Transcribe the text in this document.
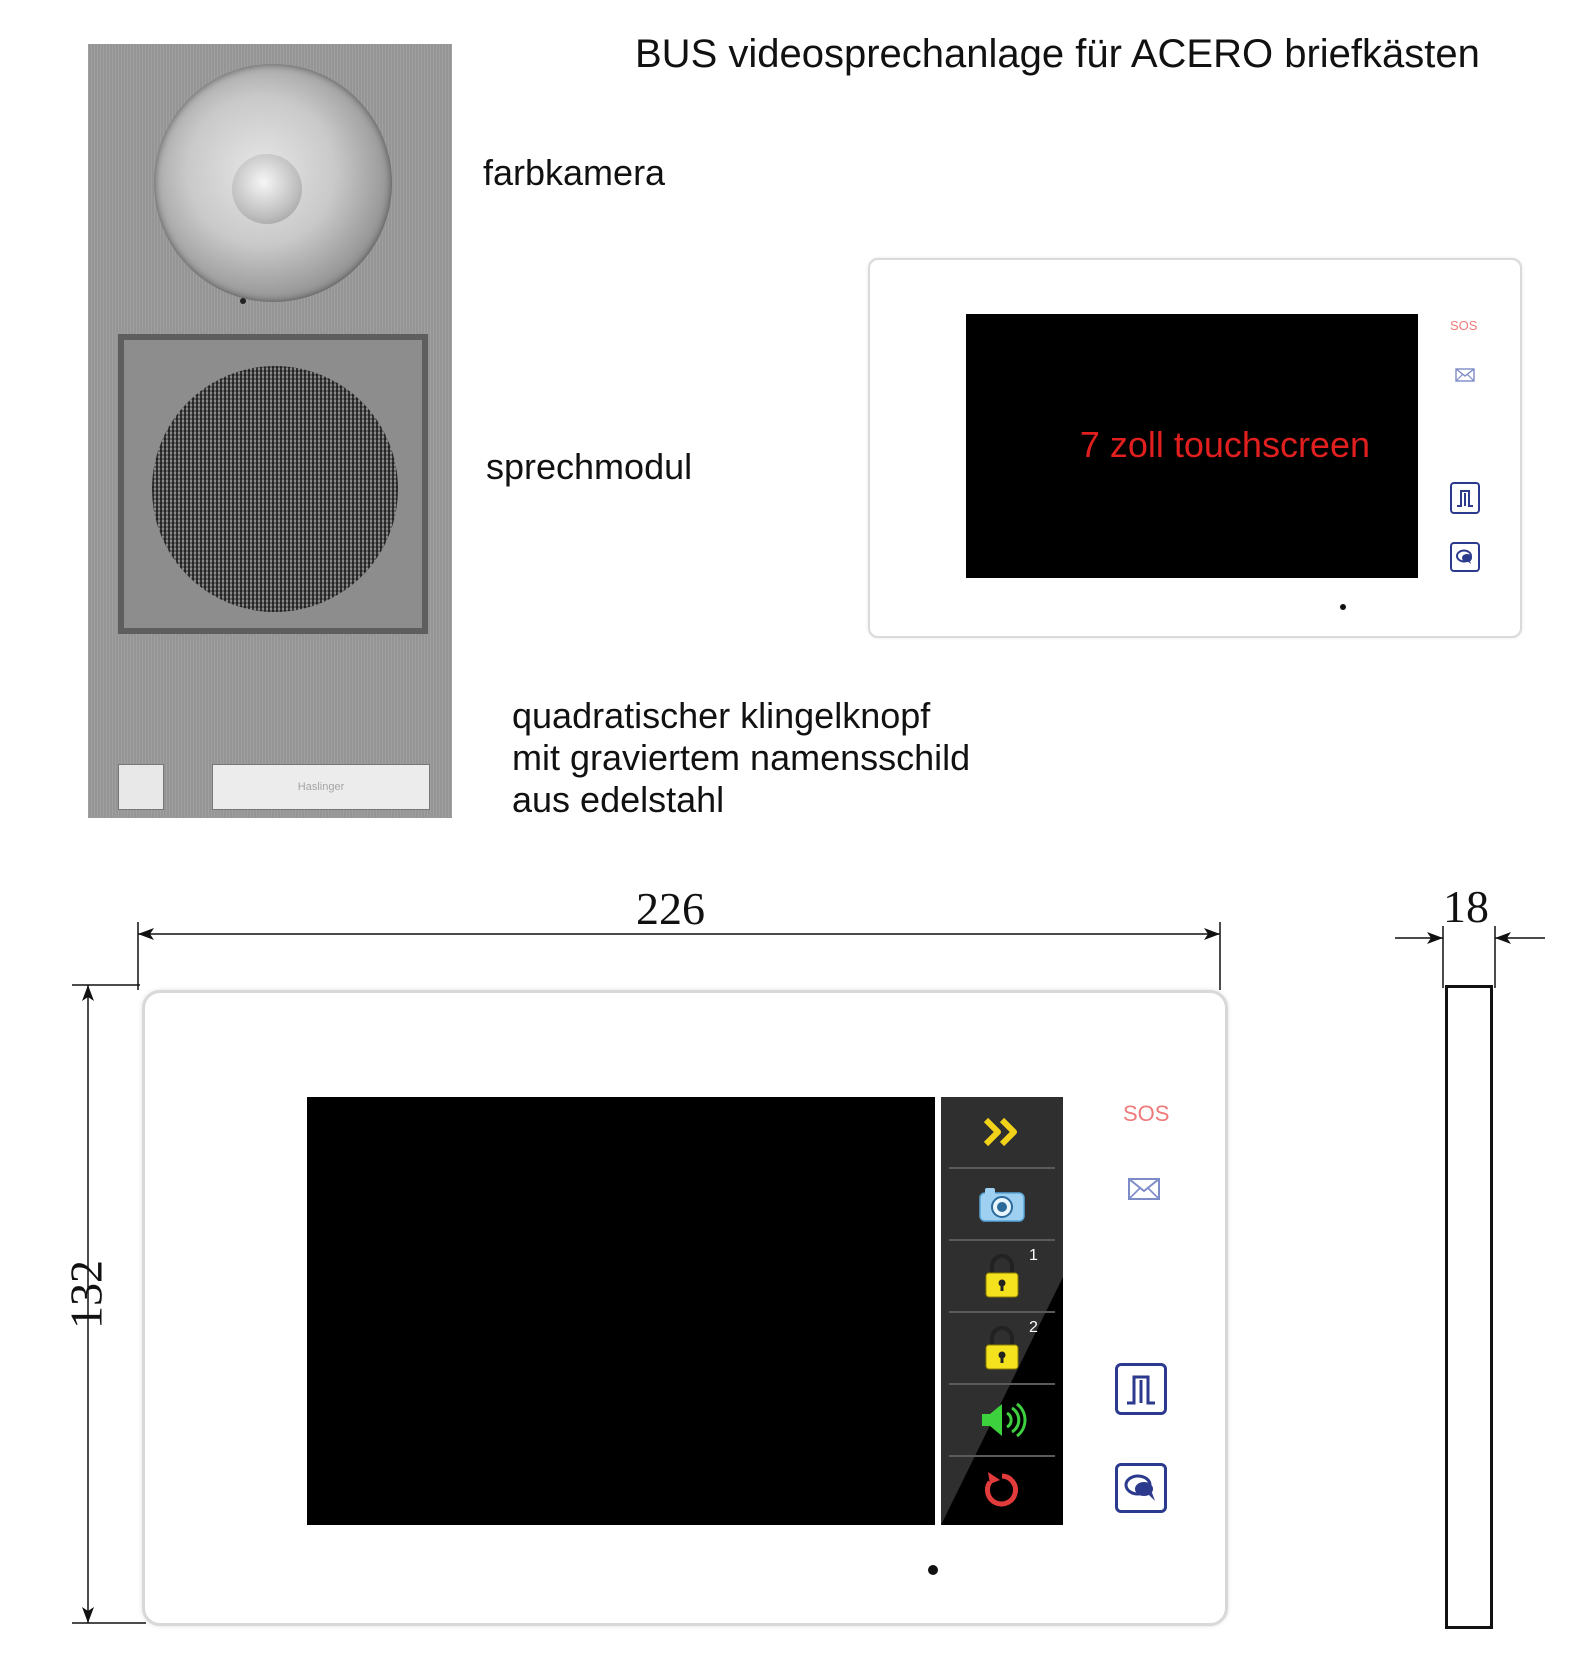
BUS videosprechanlage für ACERO briefkästen
Haslinger
farbkamera
sprechmodul
quadratischer klingelknopf
mit graviertem namensschild
aus edelstahl
7 zoll touchscreen
SOS
226
132
1
2
SOS
18
